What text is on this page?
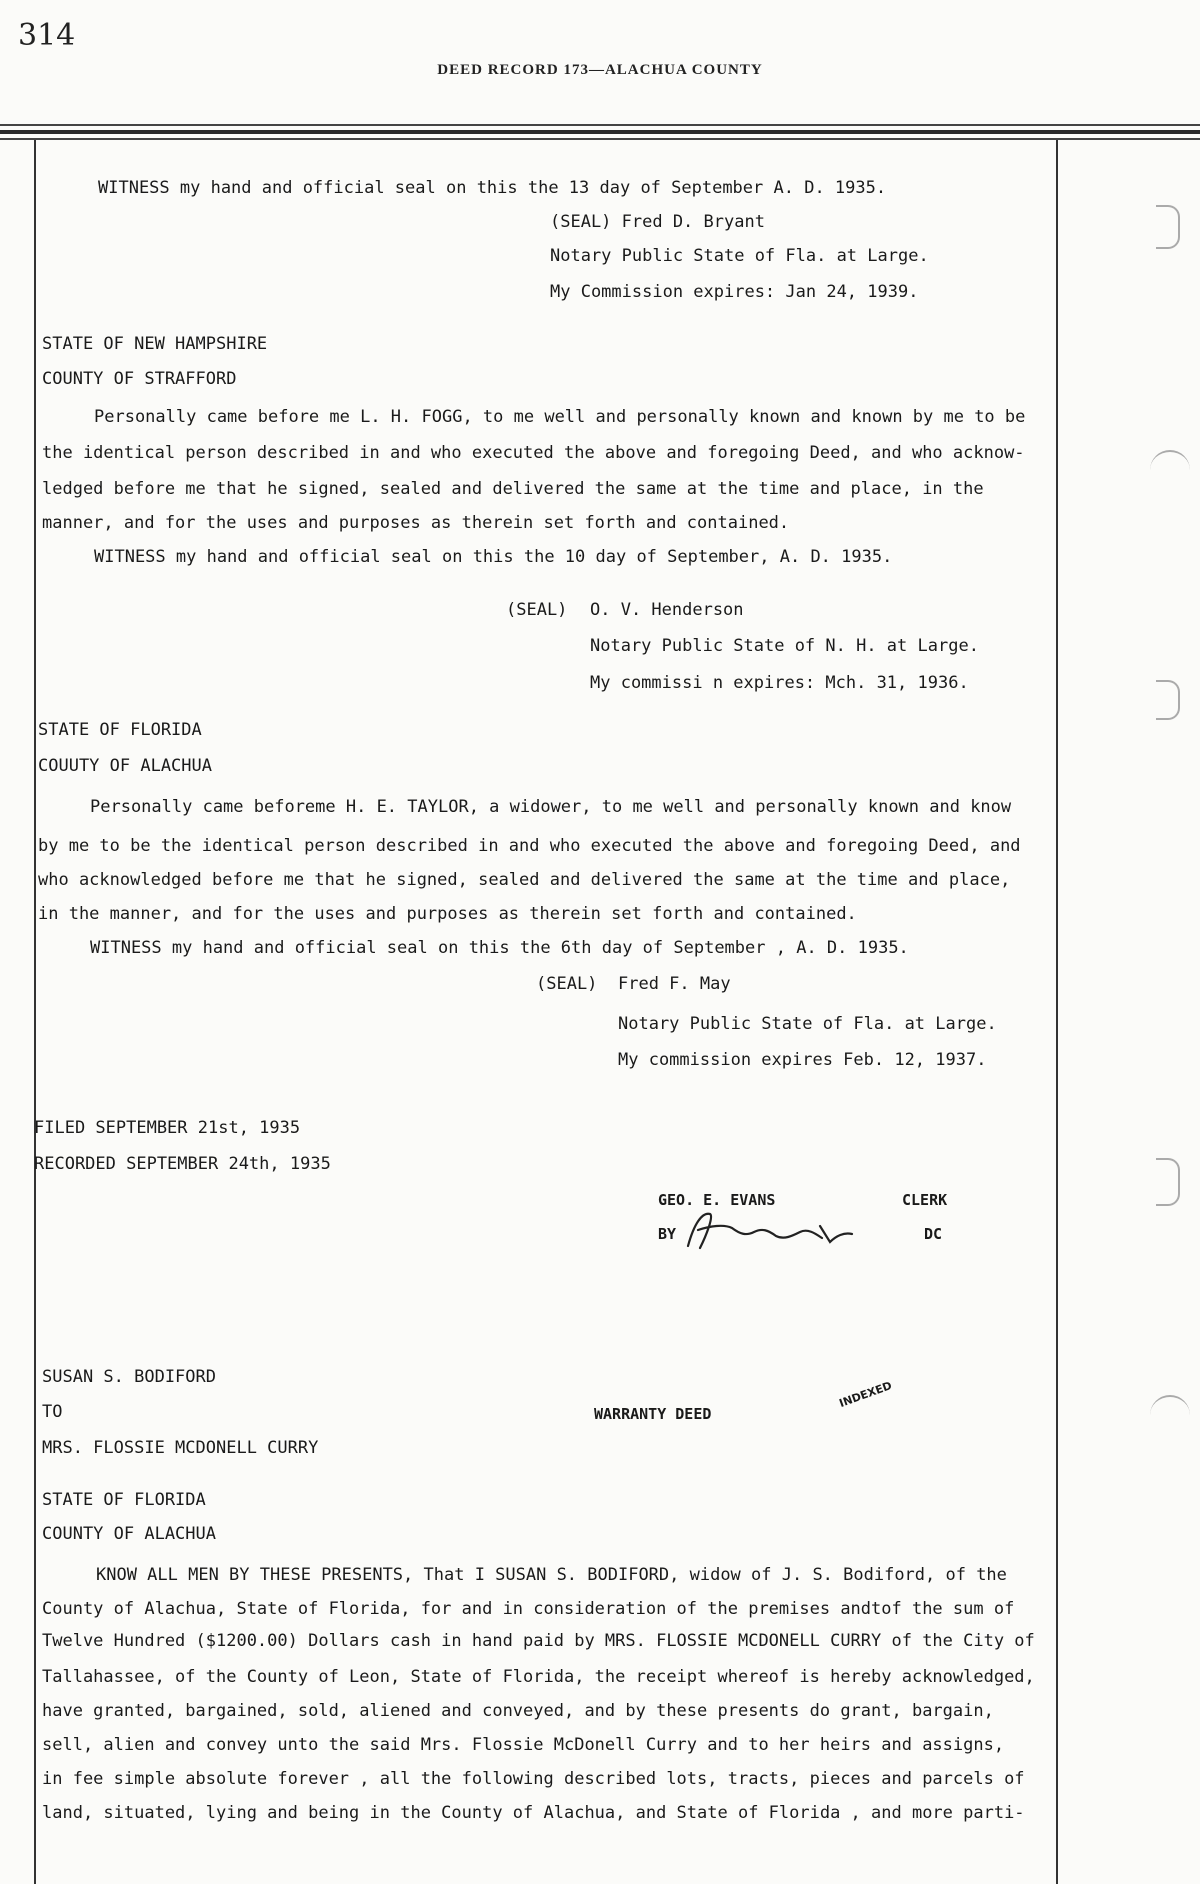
314
DEED RECORD 173—ALACHUA COUNTY
WITNESS my hand and official seal on this the 13 day of September A. D. 1935.
(SEAL) Fred D. Bryant
Notary Public State of Fla. at Large.
My Commission expires: Jan 24, 1939.
STATE OF NEW HAMPSHIRE
COUNTY OF STRAFFORD
Personally came before me L. H. FOGG, to me well and personally known and known by me to be
the identical person described in and who executed the above and foregoing Deed, and who acknow-
ledged before me that he signed, sealed and delivered the same at the time and place, in the
manner, and for the uses and purposes as therein set forth and contained.
WITNESS my hand and official seal on this the 10 day of September, A. D. 1935.
(SEAL) O. V. Henderson
Notary Public State of N. H. at Large.
My commissi n expires: Mch. 31, 1936.
STATE OF FLORIDA
COUUTY OF ALACHUA
Personally came beforeme H. E. TAYLOR, a widower, to me well and personally known and know
by me to be the identical person described in and who executed the above and foregoing Deed, and
who acknowledged before me that he signed, sealed and delivered the same at the time and place,
in the manner, and for the uses and purposes as therein set forth and contained.
WITNESS my hand and official seal on this the 6th day of September , A. D. 1935.
(SEAL) Fred F. May
Notary Public State of Fla. at Large.
My commission expires Feb. 12, 1937.
FILED SEPTEMBER 21st, 1935
RECORDED SEPTEMBER 24th, 1935
GEO. E. EVANS	CLERK
BY	DC
SUSAN S. BODIFORD
TO	WARRANTY DEED
INDEXED
MRS. FLOSSIE MCDONELL CURRY
STATE OF FLORIDA
COUNTY OF ALACHUA
KNOW ALL MEN BY THESE PRESENTS, That I SUSAN S. BODIFORD, widow of J. S. Bodiford, of the
County of Alachua, State of Florida, for and in consideration of the premises andtof the sum of
Twelve Hundred ($1200.00) Dollars cash in hand paid by MRS. FLOSSIE MCDONELL CURRY of the City of
Tallahassee, of the County of Leon, State of Florida, the receipt whereof is hereby acknowledged,
have granted, bargained, sold, aliened and conveyed, and by these presents do grant, bargain,
sell, alien and convey unto the said Mrs. Flossie McDonell Curry and to her heirs and assigns,
in fee simple absolute forever , all the following described lots, tracts, pieces and parcels of
land, situated, lying and being in the County of Alachua, and State of Florida , and more parti-
